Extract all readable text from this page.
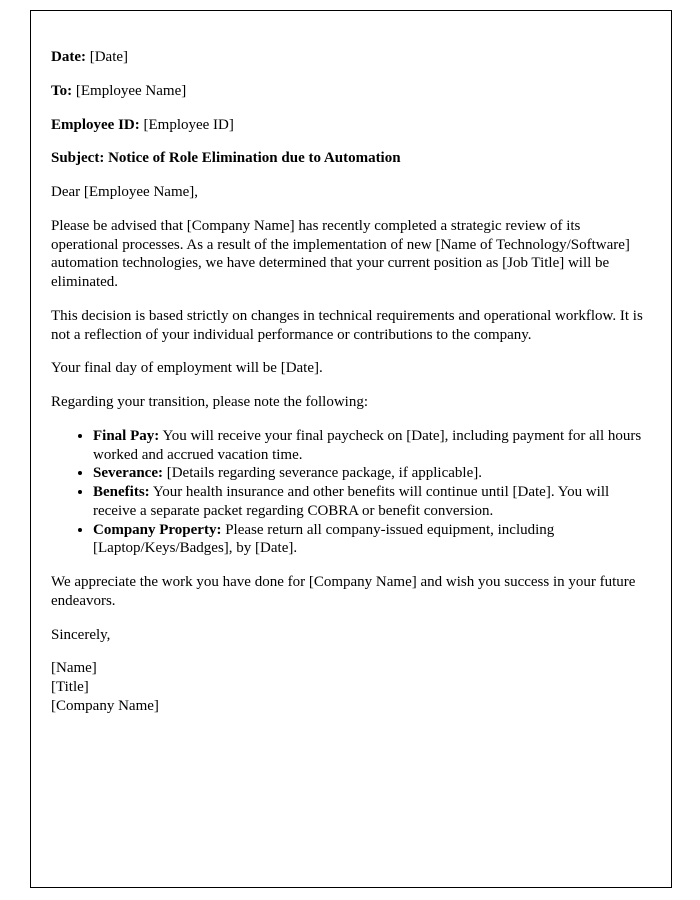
Date: [Date]

To: [Employee Name]

Employee ID: [Employee ID]

Subject: Notice of Role Elimination due to Automation

Dear [Employee Name],

Please be advised that [Company Name] has recently completed a strategic review of its operational processes. As a result of the implementation of new [Name of Technology/Software] automation technologies, we have determined that your current position as [Job Title] will be eliminated.

This decision is based strictly on changes in technical requirements and operational workflow. It is not a reflection of your individual performance or contributions to the company.

Your final day of employment will be [Date].

Regarding your transition, please note the following:

• Final Pay: You will receive your final paycheck on [Date], including payment for all hours worked and accrued vacation time.
• Severance: [Details regarding severance package, if applicable].
• Benefits: Your health insurance and other benefits will continue until [Date]. You will receive a separate packet regarding COBRA or benefit conversion.
• Company Property: Please return all company-issued equipment, including [Laptop/Keys/Badges], by [Date].

We appreciate the work you have done for [Company Name] and wish you success in your future endeavors.

Sincerely,

[Name]

[Title]

[Company Name]
